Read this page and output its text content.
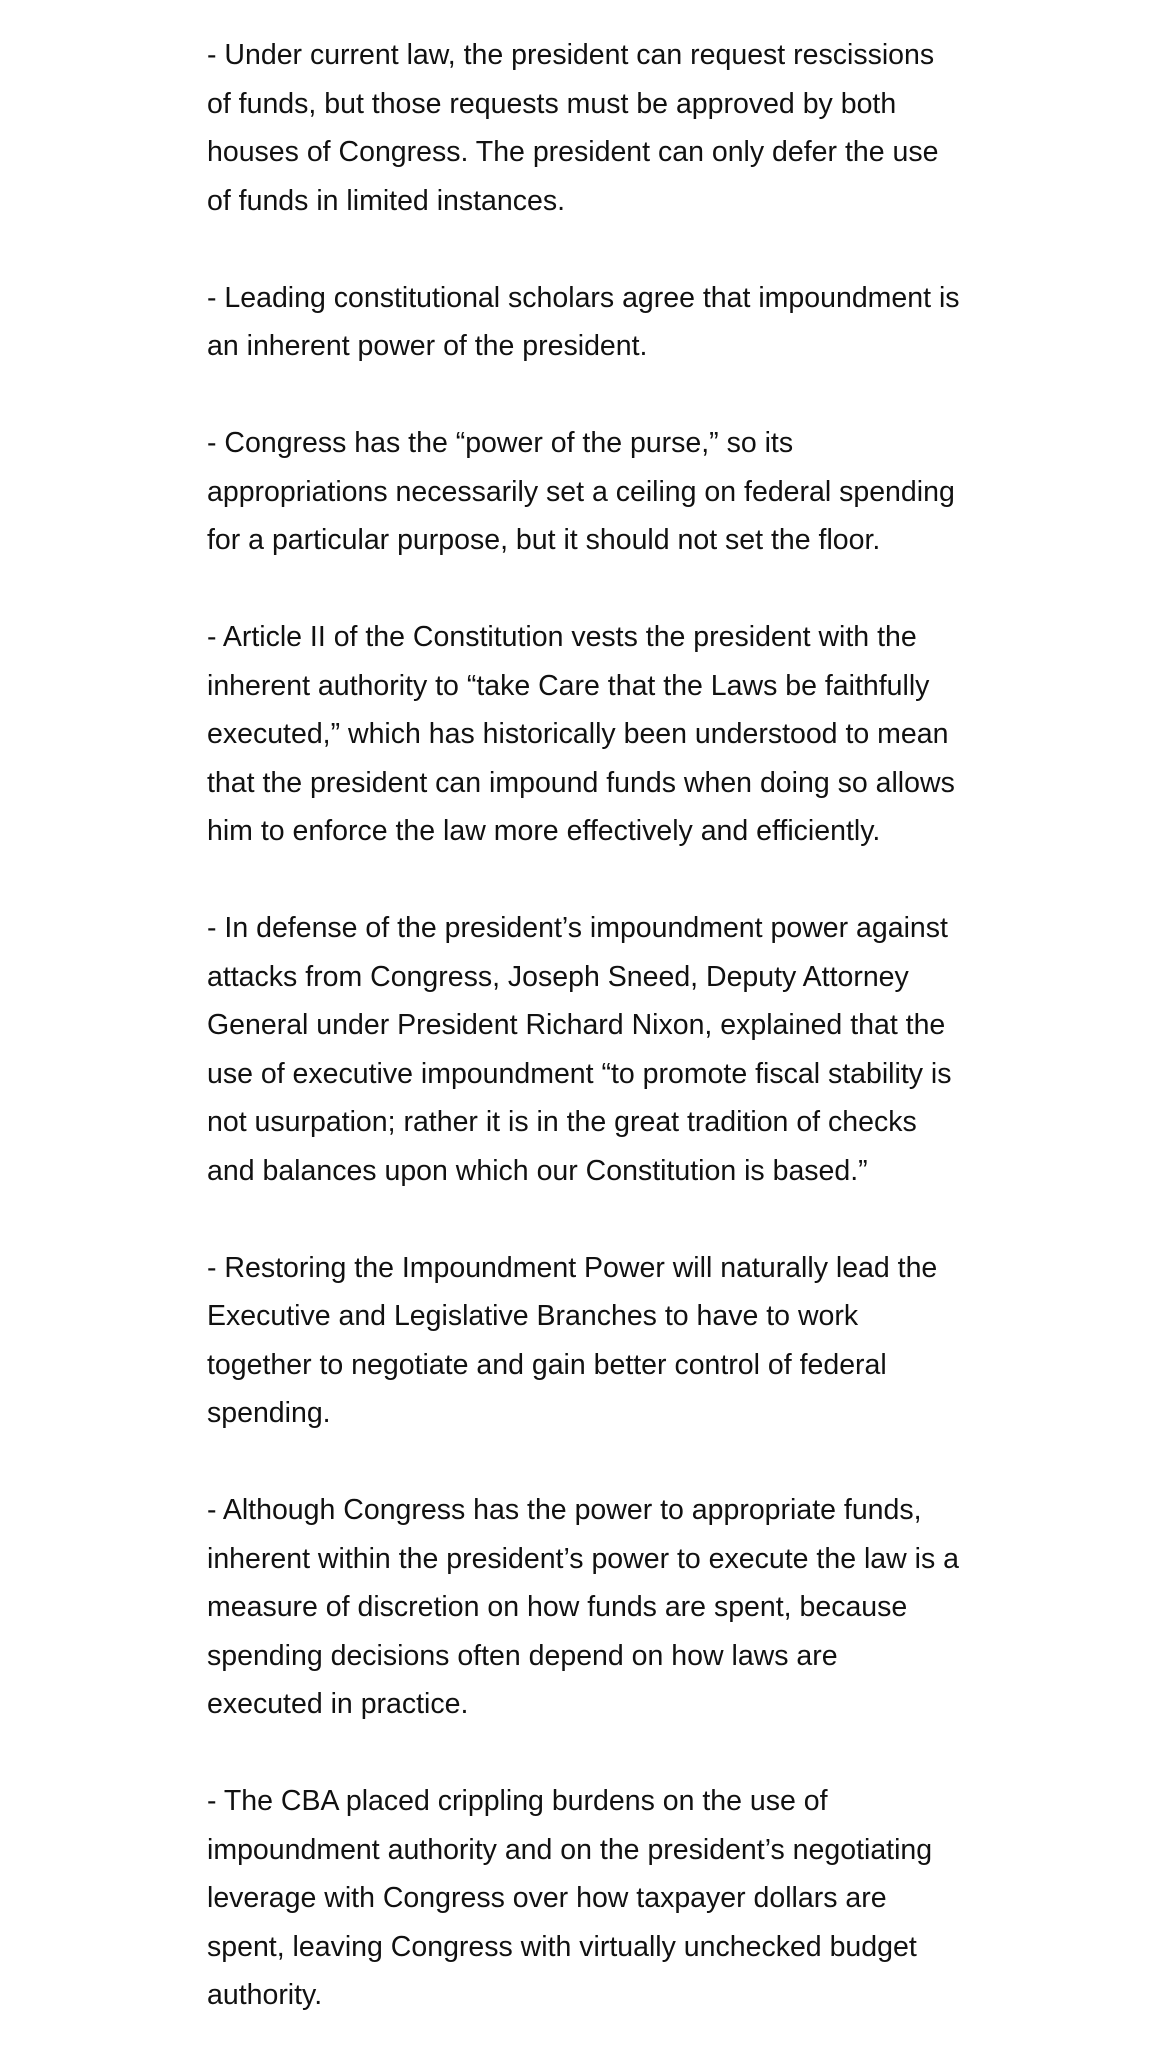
- Under current law, the president can request rescissions
of funds, but those requests must be approved by both
houses of Congress. The president can only defer the use
of funds in limited instances.

- Leading constitutional scholars agree that impoundment is
an inherent power of the president.

- Congress has the “power of the purse,” so its
appropriations necessarily set a ceiling on federal spending
for a particular purpose, but it should not set the floor.

- Article II of the Constitution vests the president with the
inherent authority to “take Care that the Laws be faithfully
executed,” which has historically been understood to mean
that the president can impound funds when doing so allows
him to enforce the law more effectively and efficiently.

- In defense of the president’s impoundment power against
attacks from Congress, Joseph Sneed, Deputy Attorney
General under President Richard Nixon, explained that the
use of executive impoundment “to promote fiscal stability is
not usurpation; rather it is in the great tradition of checks
and balances upon which our Constitution is based.”

- Restoring the Impoundment Power will naturally lead the
Executive and Legislative Branches to have to work
together to negotiate and gain better control of federal
spending.

- Although Congress has the power to appropriate funds,
inherent within the president’s power to execute the law is a
measure of discretion on how funds are spent, because
spending decisions often depend on how laws are
executed in practice.

- The CBA placed crippling burdens on the use of
impoundment authority and on the president’s negotiating
leverage with Congress over how taxpayer dollars are
spent, leaving Congress with virtually unchecked budget
authority.
